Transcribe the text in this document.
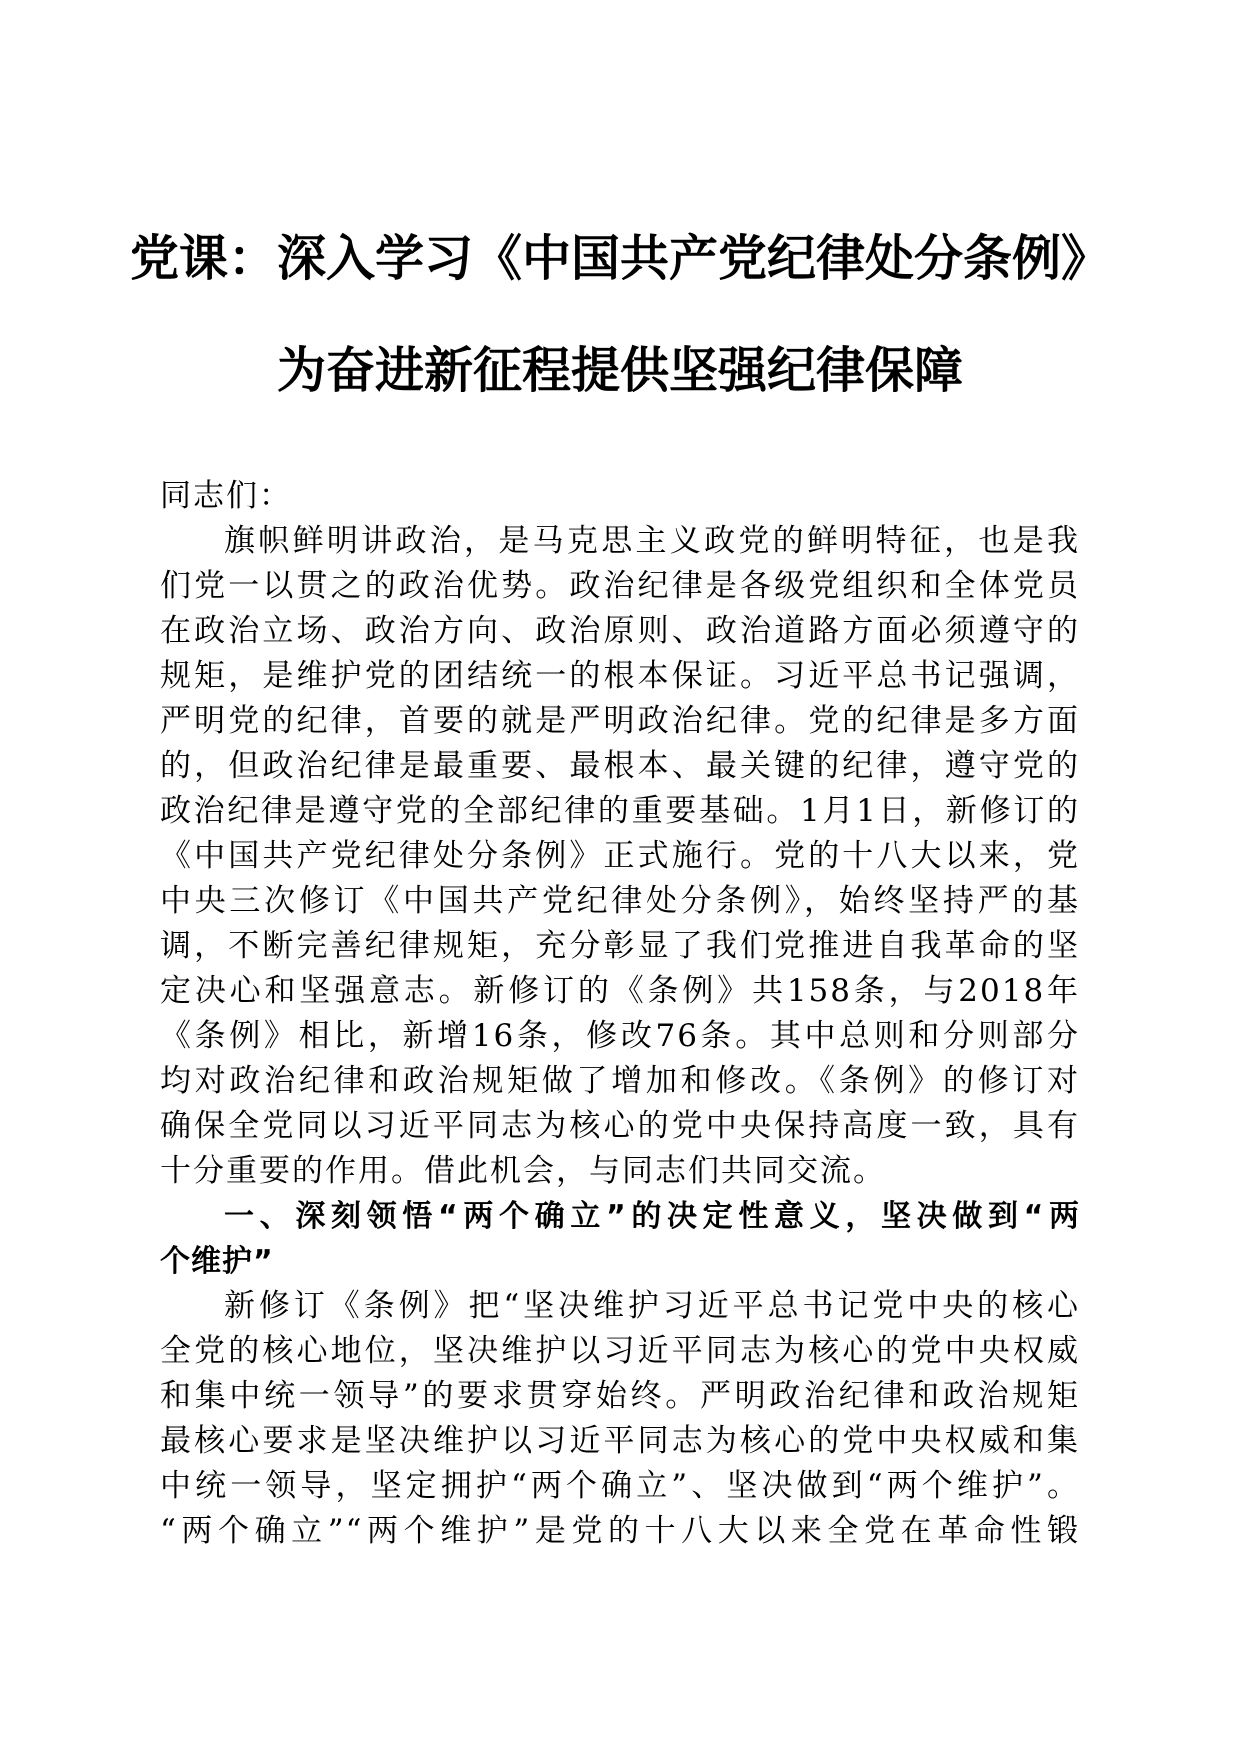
党课：深入学习《中国共产党纪律处分条例》
为奋进新征程提供坚强纪律保障
同志们：
旗帜鲜明讲政治，是马克思主义政党的鲜明特征，也是我
们党一以贯之的政治优势。政治纪律是各级党组织和全体党员
在政治立场、政治方向、政治原则、政治道路方面必须遵守的
规矩，是维护党的团结统一的根本保证。习近平总书记强调，
严明党的纪律，首要的就是严明政治纪律。党的纪律是多方面
的，但政治纪律是最重要、最根本、最关键的纪律，遵守党的
政治纪律是遵守党的全部纪律的重要基础。1月1日，新修订的
《中国共产党纪律处分条例》正式施行。党的十八大以来，党
中央三次修订《中国共产党纪律处分条例》，始终坚持严的基
调，不断完善纪律规矩，充分彰显了我们党推进自我革命的坚
定决心和坚强意志。新修订的《条例》共158条，与2018年
《条例》相比，新增16条，修改76条。其中总则和分则部分
均对政治纪律和政治规矩做了增加和修改。《条例》的修订对
确保全党同以习近平同志为核心的党中央保持高度一致，具有
十分重要的作用。借此机会，与同志们共同交流。
一、深刻领悟“两个确立”的决定性意义，坚决做到“两
个维护”
新修订《条例》把“坚决维护习近平总书记党中央的核心
全党的核心地位，坚决维护以习近平同志为核心的党中央权威
和集中统一领导”的要求贯穿始终。严明政治纪律和政治规矩
最核心要求是坚决维护以习近平同志为核心的党中央权威和集
中统一领导，坚定拥护“两个确立”、坚决做到“两个维护”。
“两个确立”“两个维护”是党的十八大以来全党在革命性锻
